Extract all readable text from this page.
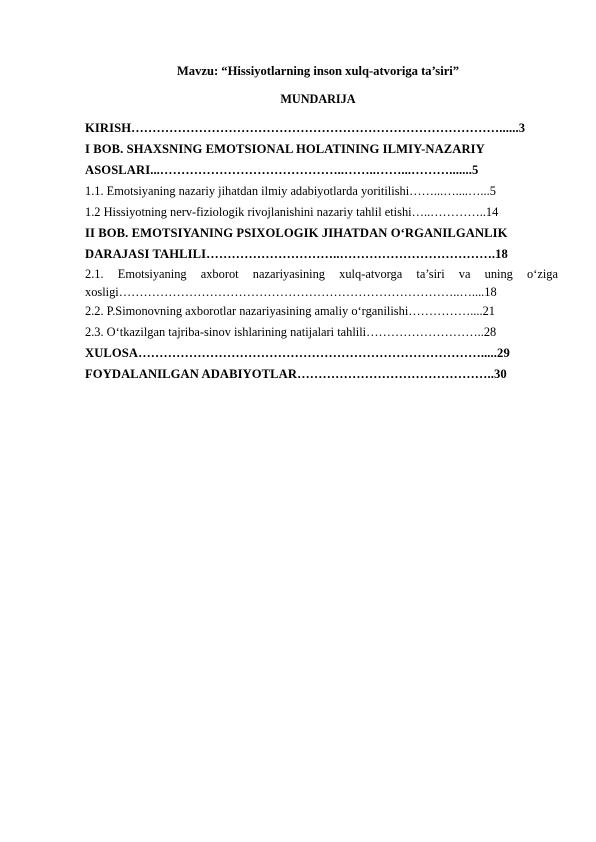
Mavzu: “Hissiyotlarning inson xulq-atvoriga ta’siri”
MUNDARIJA
KIRISH……………………………………………………………………………......3
I BOB. SHAXSNING EMOTSIONAL HOLATINING ILMIY-NAZARIY
ASOSLARI...……………………………………..……..……...……….......5
1.1. Emotsiyaning nazariy jihatdan ilmiy adabiyotlarda yoritilishi……...…....…...5
1.2 Hissiyotning nerv-fiziologik rivojlanishini nazariy tahlil etishi…..…………..14
II BOB. EMOTSIYANING PSIXOLOGIK JIHATDAN O‘RGANILGANLIK
DARAJASI TAHLILI…………………………..……………………………….18
2.1. Emotsiyaning axborot nazariyasining xulq-atvorga ta’siri va uning o‘ziga
xosligi………………………………………………………………………..…....18
2.2. P.Simonovning axborotlar nazariyasining amaliy o‘rganilishi……………....21
2.3. O‘tkazilgan tajriba-sinov ishlarining natijalari tahlili………………………..28
XULOSA……………………………………………………………………….....29
FOYDALANILGAN ADABIYOTLAR………………………………………..30
